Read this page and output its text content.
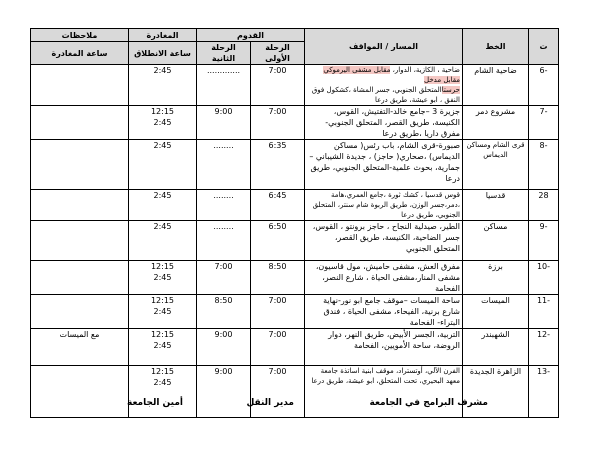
ت	الخط	المسار / المواقف	القدوم		المغادرة	ملاحظات
			الرحلة الأولى	الرحلة الثانية	ساعة الانطلاق	ساعة المغادرة
-6	ضاحية الشام	ضاحية ، الكازية، الدوار، مقابل مشفى اليرموكي مقابل مدخل
حرستاالمتحلق الجنوبي، جسر المشاة ،كشكول فوق النفق ، ابو عيشة، طريق درعا	7:00	.............	2:45	

-7	مشروع دمر	جزيرة 3 –جامع خالد-التفتيش، القوس، الكنيسة، طريق القصر، المتحلق الجنوبي-مفرق داريا ،طريق درعا	7:00	9:00	12:15
2:45	

-8	قرى الشام ومساكن الديماس	صبورة-قرى الشام، باب رئس( مساكن الديماس) ،صحاري( حاجز) ، جديدة الشيباني –جمارية، بحوث علمية-المتحلق الجنوبي، طريق درعا	6:35	........	2:45	

28	قدسيا	قوس قدسيا ، كشك ثورة ،جامع العمري،هامة ،دمر،جسر الوزن، طريق الربوة شام سنتر، المتحلق الجنوبي، طريق درعا	6:45	........	2:45	

-9	مساكن	الطير، صيدلية النجاح ، حاجز برونتو ، القوس، جسر الضاحية، الكنيسة، طريق القصر، المتحلق الجنوبي	6:50	........	2:45	

-10	برزة	مفرق العش، مشفى حاميش، مول قاسيون، مشفى المنار،مشفى الحياة ، شارع النصر، الفحامة	8:50	7:00	12:15
2:45	

-11	الميسات	ساحة الميسات –موقف جامع ابو نور-نهاية شارع برنية، الفيحاء، مشفى الحياة ، فندق البتراء- الفحامة	7:00	8:50	12:15
2:45	

-12	الشهبندر	التربية، الجسر الأبيض، طريق النهر، دوار الروضة، ساحة الأمويين، الفحامة	7:00	9:00	12:15
2:45	مع الميسات
-13	الزاهرة الجديدة	الفرن الآلي، أوتستراد، موقف ابنية اساتذة جامعة معهد البحيري، تحت المتحلق، ابو عيشة، طريق درعا	7:00	9:00	12:15
2:45	

مشرف البرامج في الجامعة
مدير النقل
أمين الجامعة
